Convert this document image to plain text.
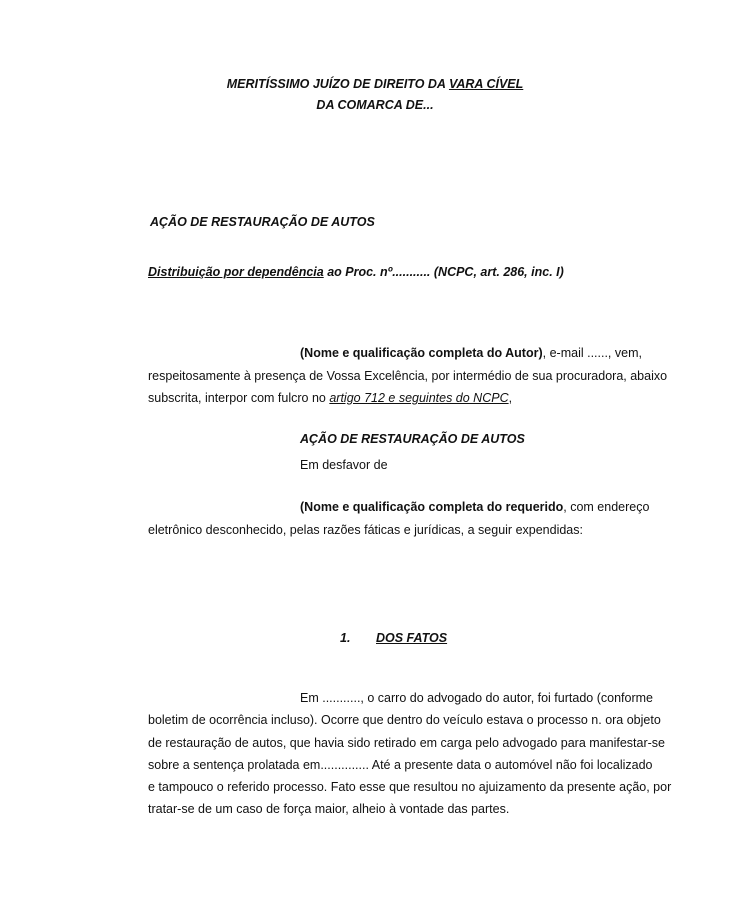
MERITÍSSIMO JUÍZO DE DIREITO DA VARA CÍVEL
DA COMARCA DE...
AÇÃO DE RESTAURAÇÃO DE AUTOS
Distribuição por dependência ao Proc. nº........... (NCPC, art. 286, inc. I)
(Nome e qualificação completa do Autor), e-mail ......, vem,
respeitosamente à presença de Vossa Excelência, por intermédio de sua procuradora, abaixo
subscrita, interpor com fulcro no artigo 712 e seguintes do NCPC,
AÇÃO DE RESTAURAÇÃO DE AUTOS
Em desfavor de
(Nome e qualificação completa do requerido, com endereço
eletrônico desconhecido, pelas razões fáticas e jurídicas, a seguir expendidas:
1. DOS FATOS
Em ..........., o carro do advogado do autor, foi furtado (conforme
boletim de ocorrência incluso). Ocorre que dentro do veículo estava o processo n. ora objeto
de restauração de autos, que havia sido retirado em carga pelo advogado para manifestar-se
sobre a sentença prolatada em.............. Até a presente data o automóvel não foi localizado
e tampouco o referido processo. Fato esse que resultou no ajuizamento da presente ação, por
tratar-se de um caso de força maior, alheio à vontade das partes.
